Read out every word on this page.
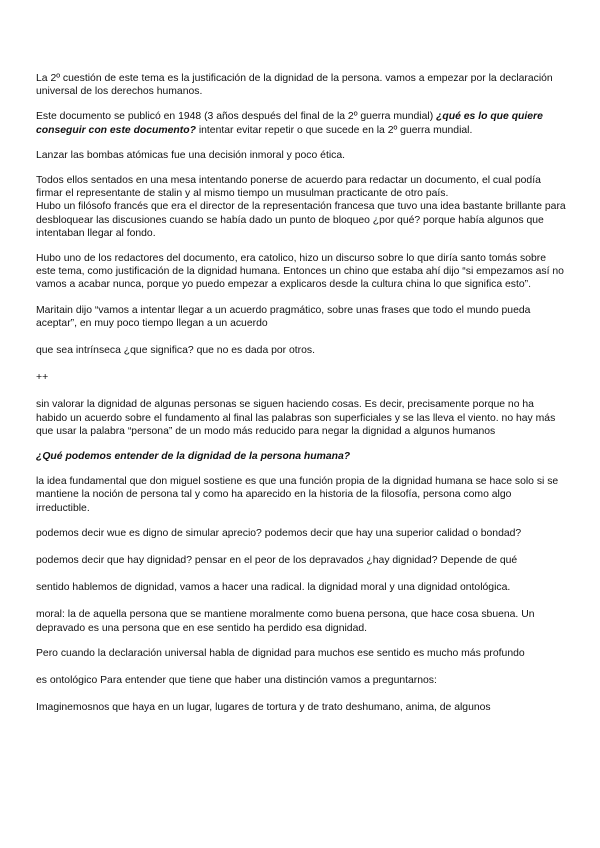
La 2º cuestión de este tema es la justificación de la dignidad de la persona. vamos a empezar por la declaración universal de los derechos humanos.

Este documento se publicó en 1948 (3 años después del final de la 2º guerra mundial) ¿qué es lo que quiere conseguir con este documento? intentar evitar repetir o que sucede en la 2º guerra mundial.

Lanzar las bombas atómicas fue una decisión inmoral y poco ética.

Todos ellos sentados en una mesa intentando ponerse de acuerdo para redactar un documento, el cual podía firmar el representante de stalin y al mismo tiempo un musulman practicante de otro país.
Hubo un filósofo francés que era el director de la representación francesa que tuvo una idea bastante brillante para desbloquear las discusiones cuando se había dado un punto de bloqueo ¿por qué? porque había algunos que intentaban llegar al fondo.

Hubo uno de los redactores del documento, era catolico, hizo un discurso sobre lo que diría santo tomás sobre este tema, como justificación de la dignidad humana. Entonces un chino que estaba ahí dijo “si empezamos así no vamos a acabar nunca, porque yo puedo empezar a explicaros desde la cultura china lo que significa esto”.

Maritain dijo “vamos a intentar llegar a un acuerdo pragmático, sobre unas frases que todo el mundo pueda aceptar”, en muy poco tiempo llegan a un acuerdo

que sea intrínseca ¿que significa? que no es dada por otros.

++

sin valorar la dignidad de algunas personas se siguen haciendo cosas. Es decir, precisamente porque no ha habido un acuerdo sobre el fundamento al final las palabras son superficiales y se las lleva el viento. no hay más que usar la palabra “persona” de un modo más reducido para negar la dignidad a algunos humanos

¿Qué podemos entender de la dignidad de la persona humana?

la idea fundamental que don miguel sostiene es que una función propia de la dignidad humana se hace solo si se mantiene la noción de persona tal y como ha aparecido en la historia de la filosofía, persona como algo irreductible.

podemos decir wue es digno de simular aprecio? podemos decir que hay una superior calidad o bondad?

podemos decir que hay dignidad? pensar en el peor de los depravados ¿hay dignidad? Depende de qué

sentido hablemos de dignidad, vamos a hacer una radical. la dignidad moral y una dignidad ontológica.

moral: la de aquella persona que se mantiene moralmente como buena persona, que hace cosa sbuena. Un depravado es una persona que en ese sentido ha perdido esa dignidad.

Pero cuando la declaración universal habla de dignidad para muchos ese sentido es mucho más profundo

es ontológico Para entender que tiene que haber una distinción vamos a preguntarnos:

Imaginemosnos que haya en un lugar, lugares de tortura y de trato deshumano, anima, de algunos
